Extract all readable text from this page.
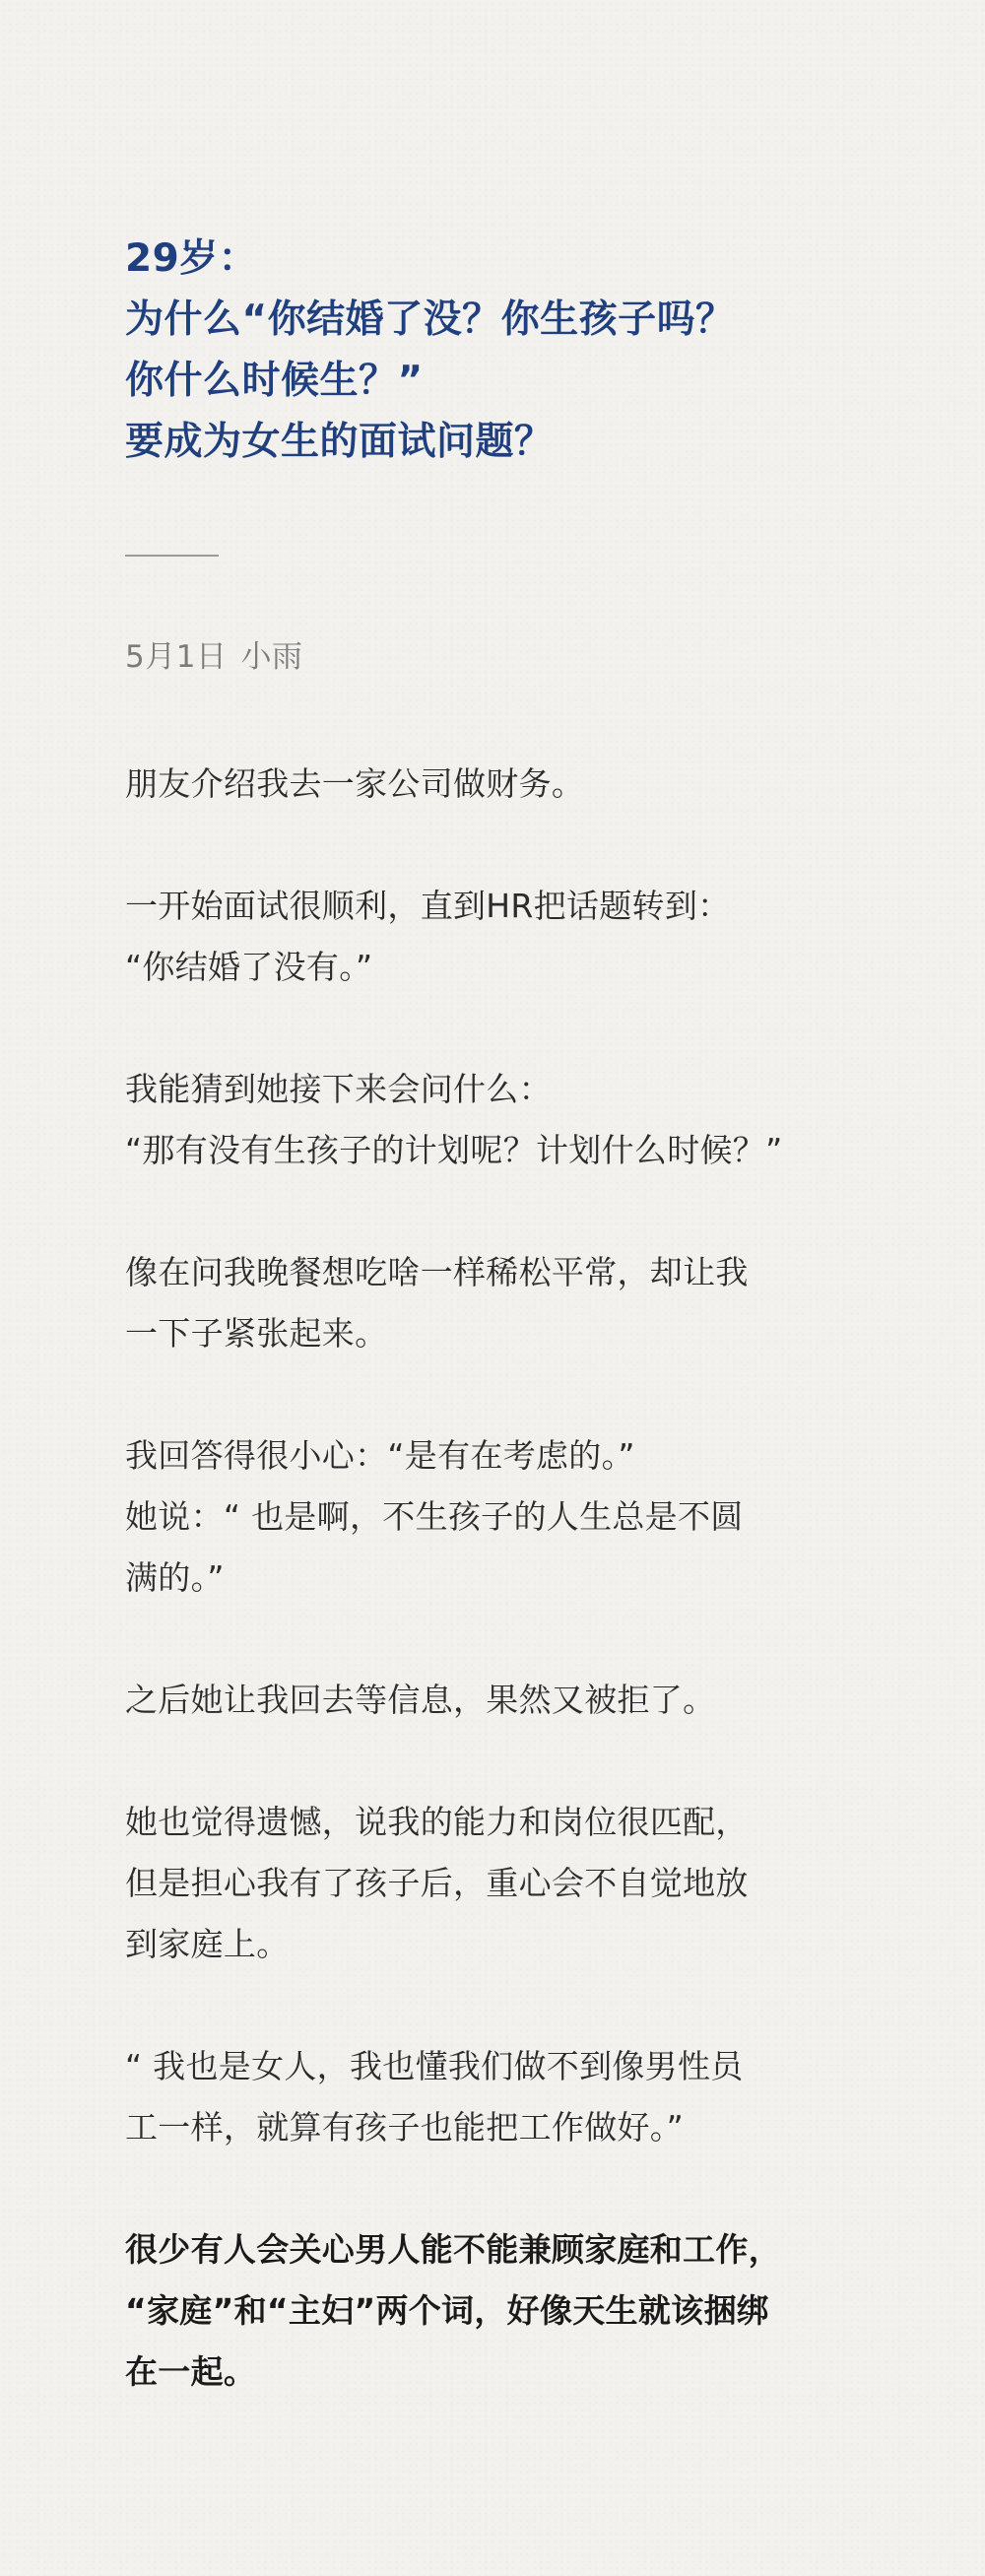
29岁：
为什么“你结婚了没？你生孩子吗？
你什么时候生？”
要成为女生的面试问题？
5月1日 小雨

朋友介绍我去一家公司做财务。

一开始面试很顺利，直到HR把话题转到：
“你结婚了没有。”

我能猜到她接下来会问什么：
“那有没有生孩子的计划呢？计划什么时候？”

像在问我晚餐想吃啥一样稀松平常，却让我
一下子紧张起来。

我回答得很小心：“是有在考虑的。”
她说：“ 也是啊，不生孩子的人生总是不圆
满的。”

之后她让我回去等信息，果然又被拒了。

她也觉得遗憾，说我的能力和岗位很匹配，
但是担心我有了孩子后，重心会不自觉地放
到家庭上。

“ 我也是女人，我也懂我们做不到像男性员
工一样，就算有孩子也能把工作做好。”

很少有人会关心男人能不能兼顾家庭和工作，
“家庭”和“主妇”两个词，好像天生就该捆绑
在一起。
